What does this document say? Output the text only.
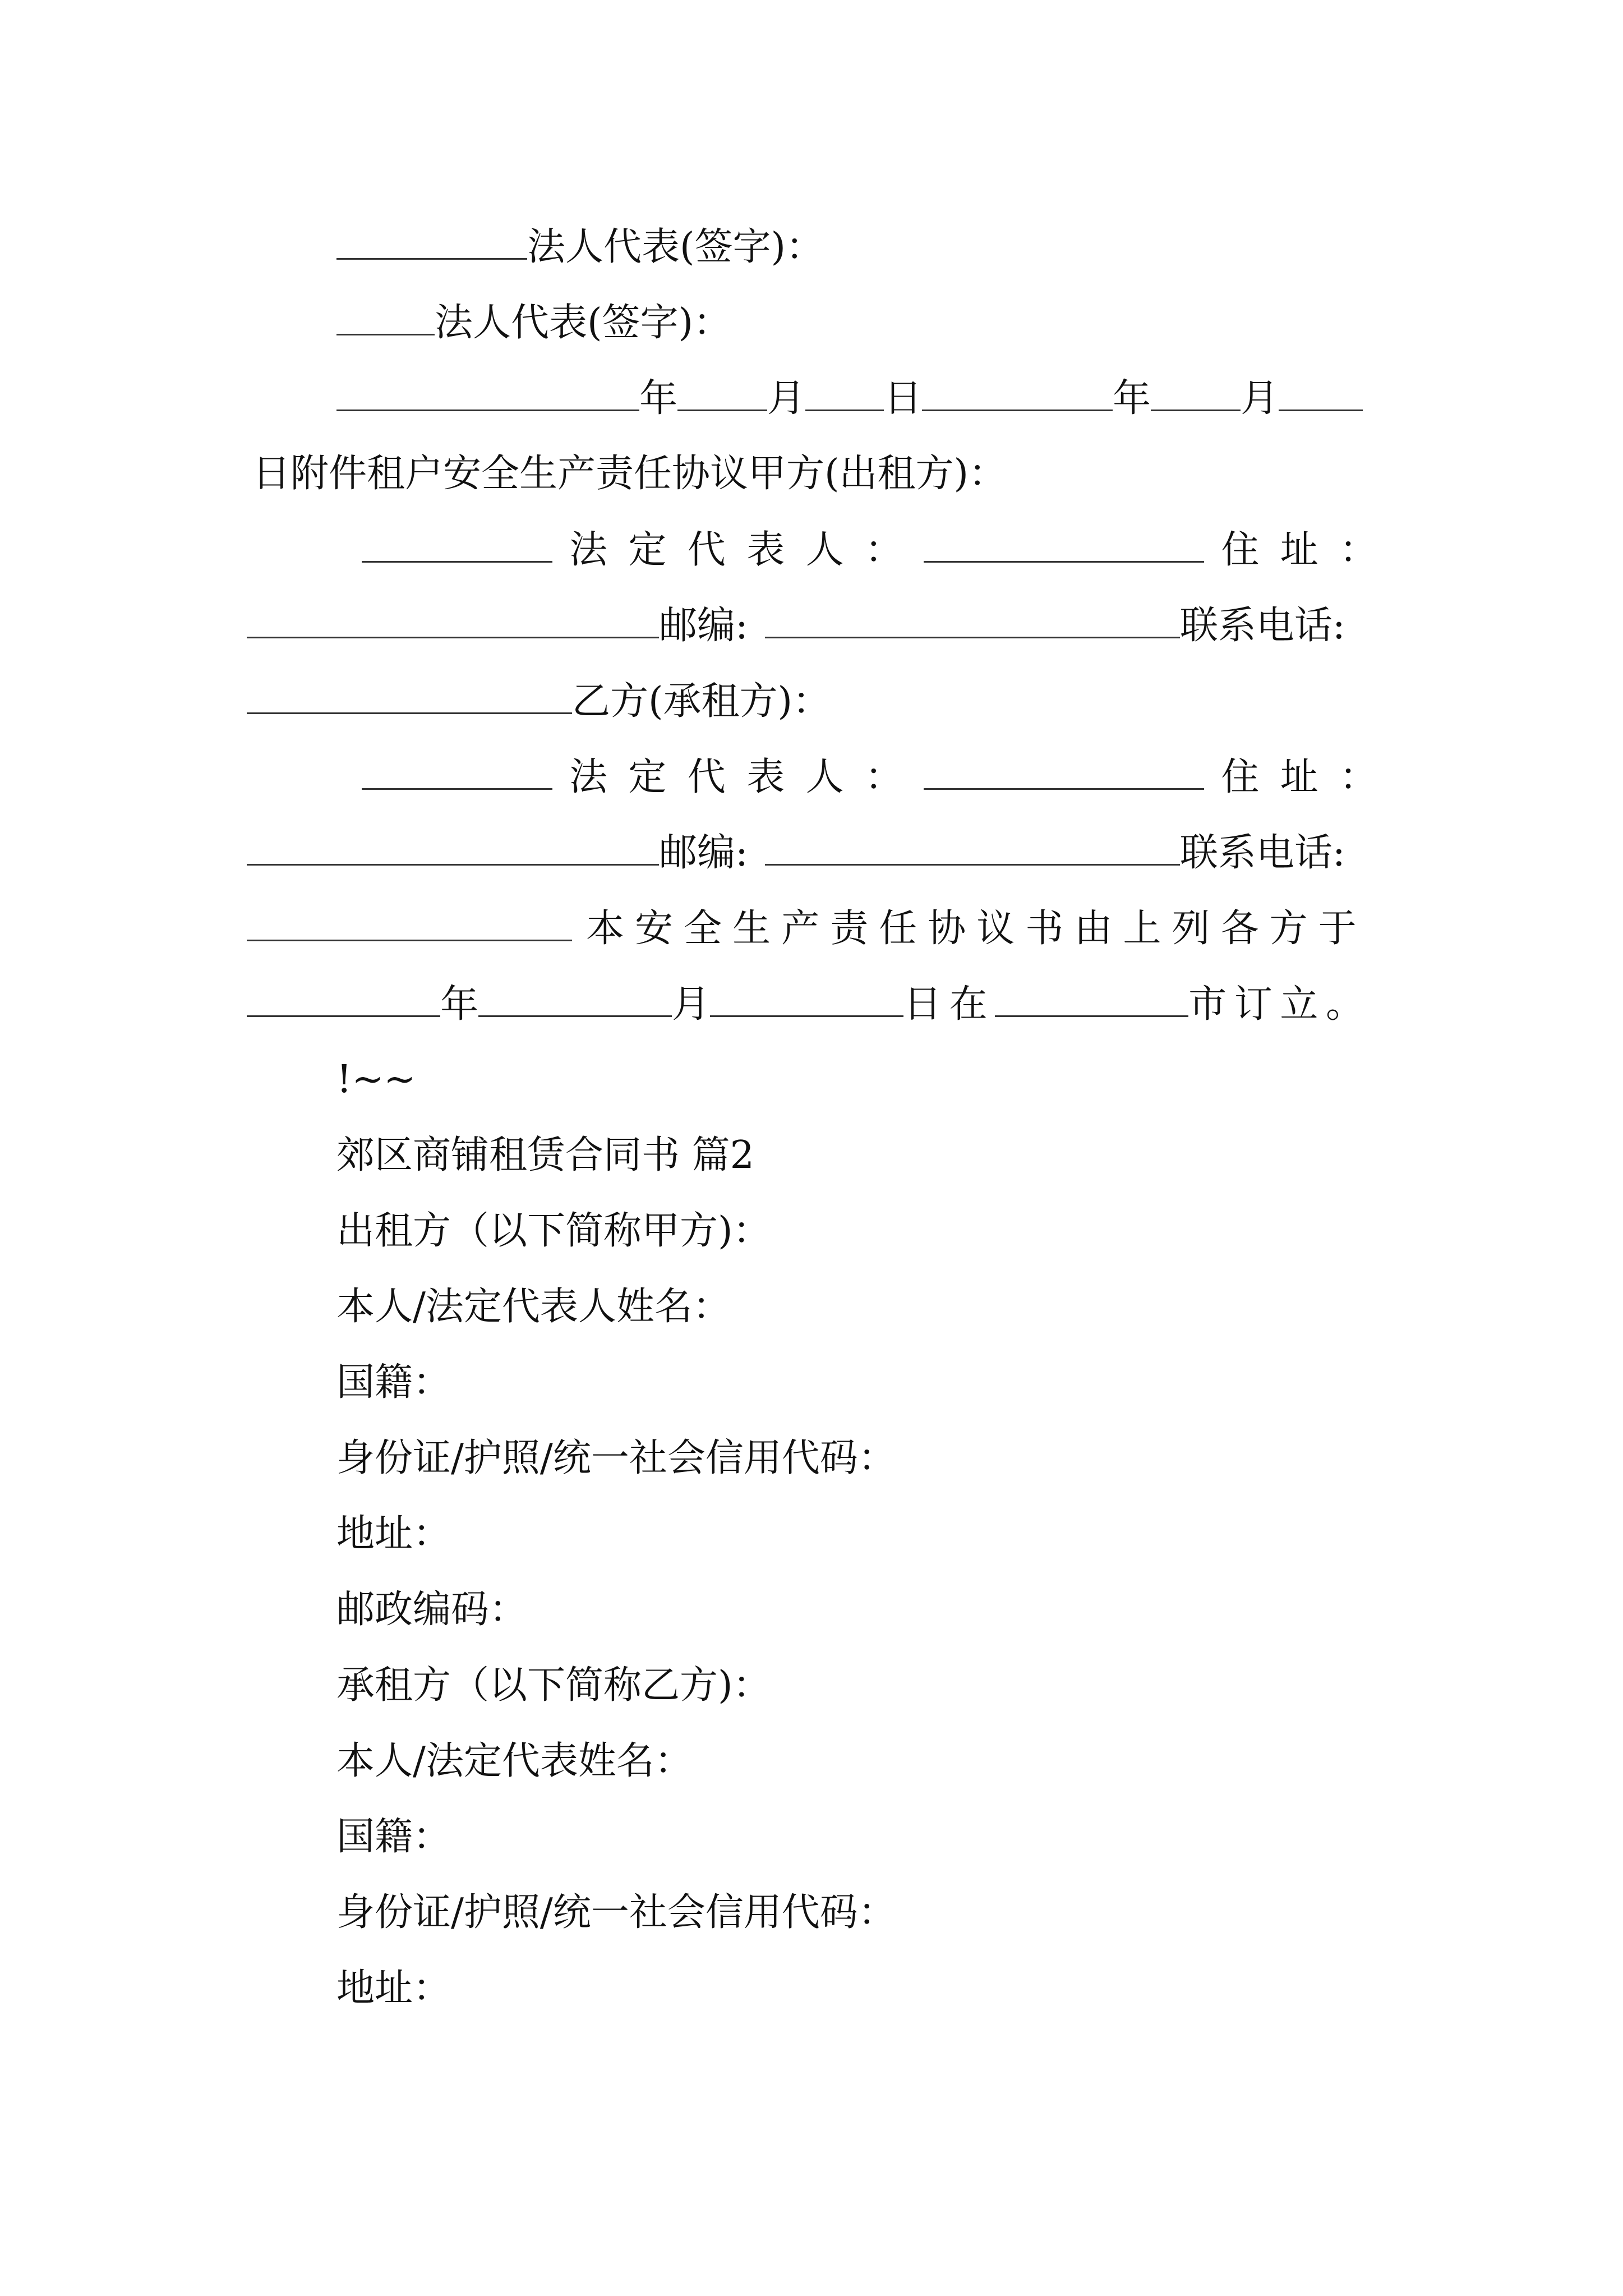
法人代表(签字)：
法人代表(签字)：
年 月 日	年 月
日附件租户安全生产责任协议甲方(出租方)：
法定代表人：	住址：
邮编:	联系电话:
乙方(承租方)：
法定代表人：	住址：
邮编:	联系电话:
本安全生产责任协议书由上列各方于
年	月	日在	市订立。
!~~
郊区商铺租赁合同书 篇2
出租方（以下简称甲方)：
本人/法定代表人姓名：
国籍：
身份证/护照/统一社会信用代码：
地址：
邮政编码：
承租方（以下简称乙方)：
本人/法定代表姓名：
国籍：
身份证/护照/统一社会信用代码：
地址：
